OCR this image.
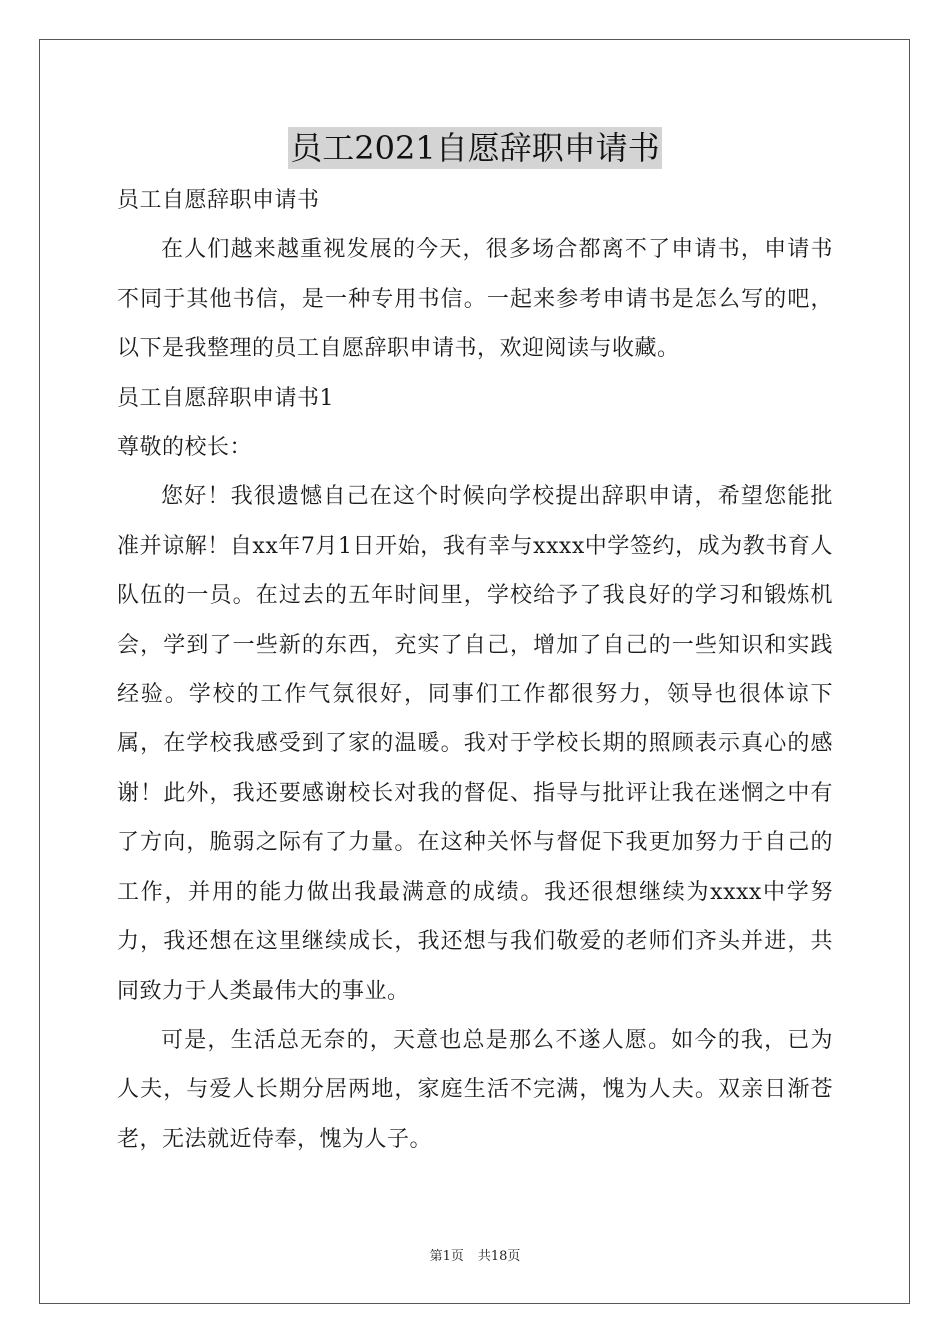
员工2021自愿辞职申请书

员工自愿辞职申请书

在人们越来越重视发展的今天，很多场合都离不了申请书，申请书不同于其他书信，是一种专用书信。一起来参考申请书是怎么写的吧，以下是我整理的员工自愿辞职申请书，欢迎阅读与收藏。

员工自愿辞职申请书1

尊敬的校长：

您好！我很遗憾自己在这个时候向学校提出辞职申请，希望您能批准并谅解！自xx年7月1日开始，我有幸与xxxx中学签约，成为教书育人队伍的一员。在过去的五年时间里，学校给予了我良好的学习和锻炼机会，学到了一些新的东西，充实了自己，增加了自己的一些知识和实践经验。学校的工作气氛很好，同事们工作都很努力，领导也很体谅下属，在学校我感受到了家的温暖。我对于学校长期的照顾表示真心的感谢！此外，我还要感谢校长对我的督促、指导与批评让我在迷惘之中有了方向，脆弱之际有了力量。在这种关怀与督促下我更加努力于自己的工作，并用的能力做出我最满意的成绩。我还很想继续为xxxx中学努力，我还想在这里继续成长，我还想与我们敬爱的老师们齐头并进，共同致力于人类最伟大的事业。

可是，生活总无奈的，天意也总是那么不遂人愿。如今的我，已为人夫，与爱人长期分居两地，家庭生活不完满，愧为人夫。双亲日渐苍老，无法就近侍奉，愧为人子。

第1页 共18页
